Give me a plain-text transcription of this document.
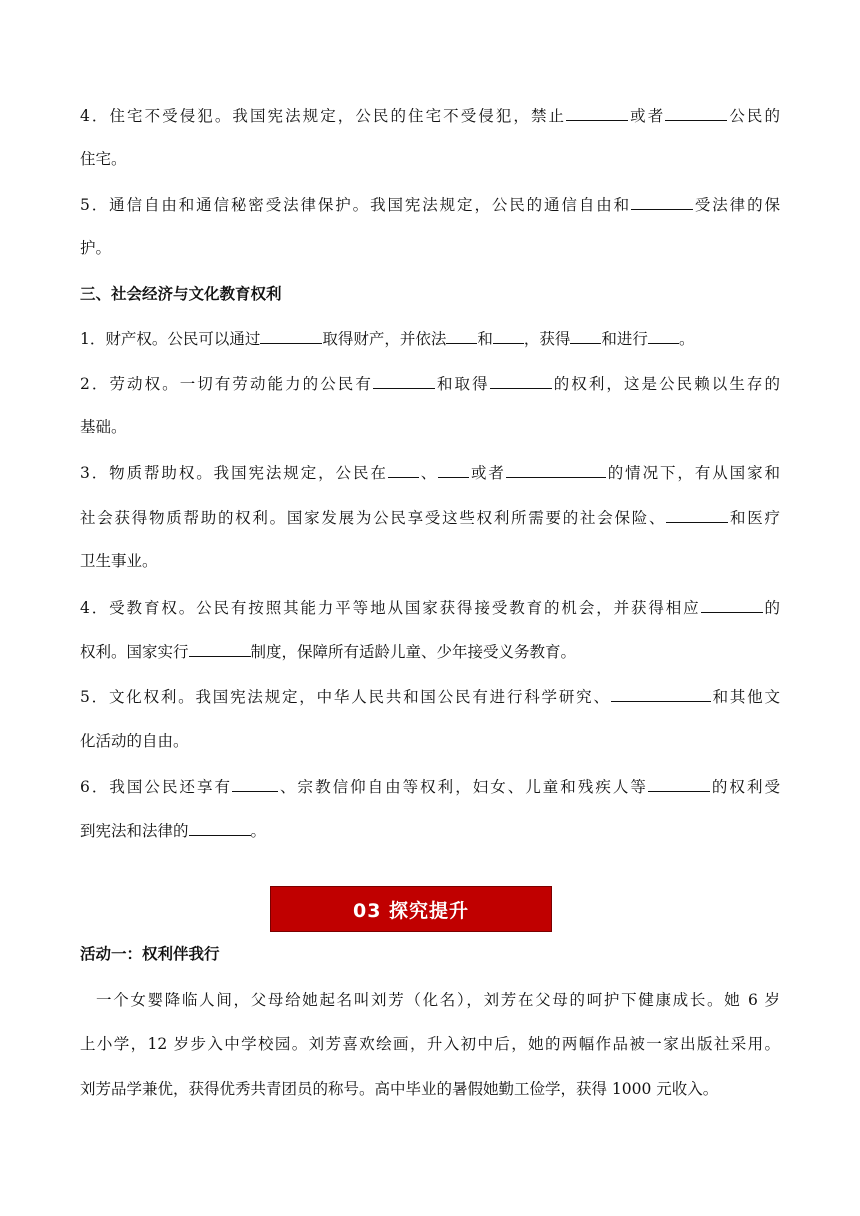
4．住宅不受侵犯。我国宪法规定，公民的住宅不受侵犯，禁止	或者	公民的
住宅。
5．通信自由和通信秘密受法律保护。我国宪法规定，公民的通信自由和	受法律的保
护。
三、社会经济与文化教育权利
1．财产权。公民可以通过	取得财产，并依法 和 ，获得 和进行 。
2．劳动权。一切有劳动能力的公民有	和取得	的权利，这是公民赖以生存的
基础。
3．物质帮助权。我国宪法规定，公民在 、 或者	的情况下，有从国家和
社会获得物质帮助的权利。国家发展为公民享受这些权利所需要的社会保险、	和医疗
卫生事业。
4．受教育权。公民有按照其能力平等地从国家获得接受教育的机会，并获得相应	的
权利。国家实行	制度，保障所有适龄儿童、少年接受义务教育。
5．文化权利。我国宪法规定，中华人民共和国公民有进行科学研究、	和其他文
化活动的自由。
6．我国公民还享有	、宗教信仰自由等权利，妇女、儿童和残疾人等	的权利受
到宪法和法律的	。
03 探究提升
活动一：权利伴我行
一个女婴降临人间，父母给她起名叫刘芳（化名），刘芳在父母的呵护下健康成长。她 6 岁
上小学，12 岁步入中学校园。刘芳喜欢绘画，升入初中后，她的两幅作品被一家出版社采用。
刘芳品学兼优，获得优秀共青团员的称号。高中毕业的暑假她勤工俭学，获得 1000 元收入。
